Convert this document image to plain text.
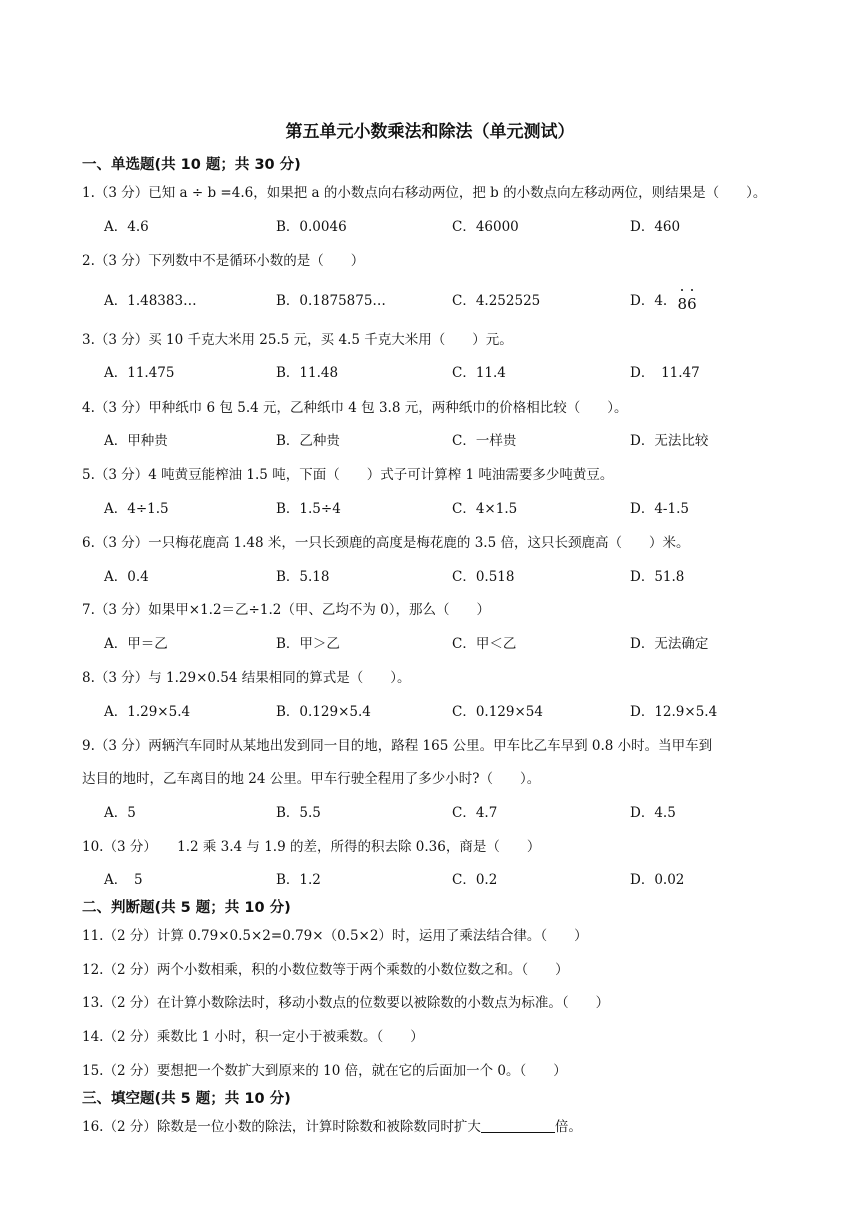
第五单元小数乘法和除法（单元测试）
一、单选题(共 10 题；共 30 分)
1.（3 分）已知 a ÷ b =4.6，如果把 a 的小数点向右移动两位，把 b 的小数点向左移动两位，则结果是（　　）。
A．4.6	B．0.0046	C．46000	D．460
2.（3 分）下列数中不是循环小数的是（　　）
A．1.48383…	B．0.1875875…	C．4.252525	D．4. 8
6
3.（3 分）买 10 千克大米用 25.5 元，买 4.5 千克大米用（　　）元。
A．11.475	B．11.48	C．11.4	D．　11.47
4.（3 分）甲种纸巾 6 包 5.4 元，乙种纸巾 4 包 3.8 元，两种纸巾的价格相比较（　　）。
A．甲种贵	B．乙种贵	C．一样贵	D．无法比较
5.（3 分）4 吨黄豆能榨油 1.5 吨，下面（　　）式子可计算榨 1 吨油需要多少吨黄豆。
A．4÷1.5	B．1.5÷4	C．4×1.5	D．4-1.5
6.（3 分）一只梅花鹿高 1.48 米，一只长颈鹿的高度是梅花鹿的 3.5 倍，这只长颈鹿高（　　）米。
A．0.4	B．5.18	C．0.518	D．51.8
7.（3 分）如果甲×1.2＝乙÷1.2（甲、乙均不为 0），那么（　　）
A．甲＝乙	B．甲＞乙	C．甲＜乙	D．无法确定
8.（3 分）与 1.29×0.54 结果相同的算式是（　　）。
A．1.29×5.4	B．0.129×5.4	C．0.129×54	D．12.9×5.4
9.（3 分）两辆汽车同时从某地出发到同一目的地，路程 165 公里。甲车比乙车早到 0.8 小时。当甲车到
达目的地时，乙车离目的地 24 公里。甲车行驶全程用了多少小时?（　　）。
A．5	B．5.5	C．4.7	D．4.5
10.（3 分）　　1.2 乘 3.4 与 1.9 的差，所得的积去除 0.36，商是（　　）
A．　5	B．1.2	C．0.2	D．0.02
二、判断题(共 5 题；共 10 分)
11.（2 分）计算 0.79×0.5×2=0.79×（0.5×2）时，运用了乘法结合律。（　　）
12.（2 分）两个小数相乘，积的小数位数等于两个乘数的小数位数之和。（　　）
13.（2 分）在计算小数除法时，移动小数点的位数要以被除数的小数点为标准。（　　）
14.（2 分）乘数比 1 小时，积一定小于被乘数。（　　）
15.（2 分）要想把一个数扩大到原来的 10 倍，就在它的后面加一个 0。（　　）
三、填空题(共 5 题；共 10 分)
16.（2 分）除数是一位小数的除法，计算时除数和被除数同时扩大	倍。
